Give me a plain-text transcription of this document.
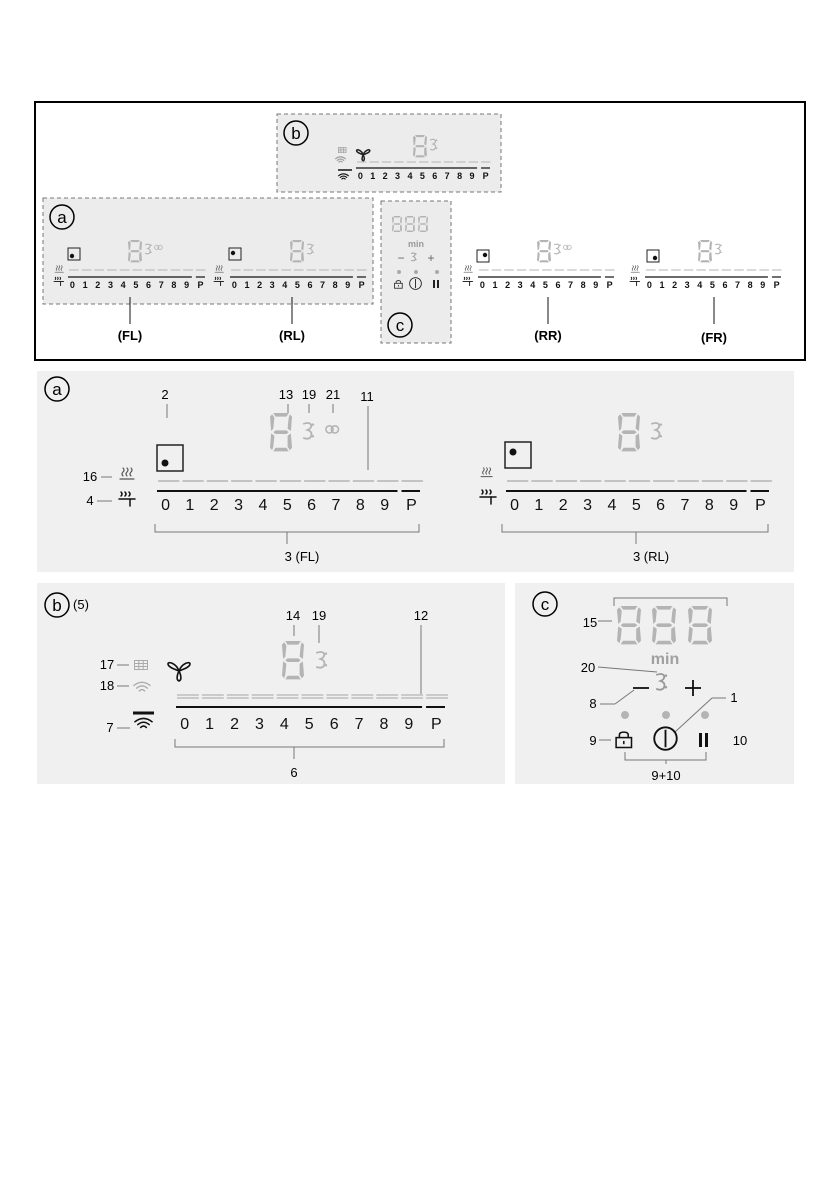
b
0 1 2 3 4 5 6 7 8 9 P
a
min
− +
c
0 1 2 3 4 5 6 7 8 9 P	0 1 2 3 4 5 6 7 8 9 P	0 1 2 3 4 5 6 7 8 9 P	0 1 2 3 4 5 6 7 8 9 P
(FL)	(RL)	(RR)	(FR)
a	2	13 19 21 11
16
4	0 1 2 3 4 5 6 7 8 9 P	0 1 2 3 4 5 6 7 8 9 P
3 (FL)	3 (RL)
b (5)
14 19	12
17
18
7	0 1 2 3 4 5 6 7 8 9 P
6
c
min
15
20
8	1
9	10
9+10
